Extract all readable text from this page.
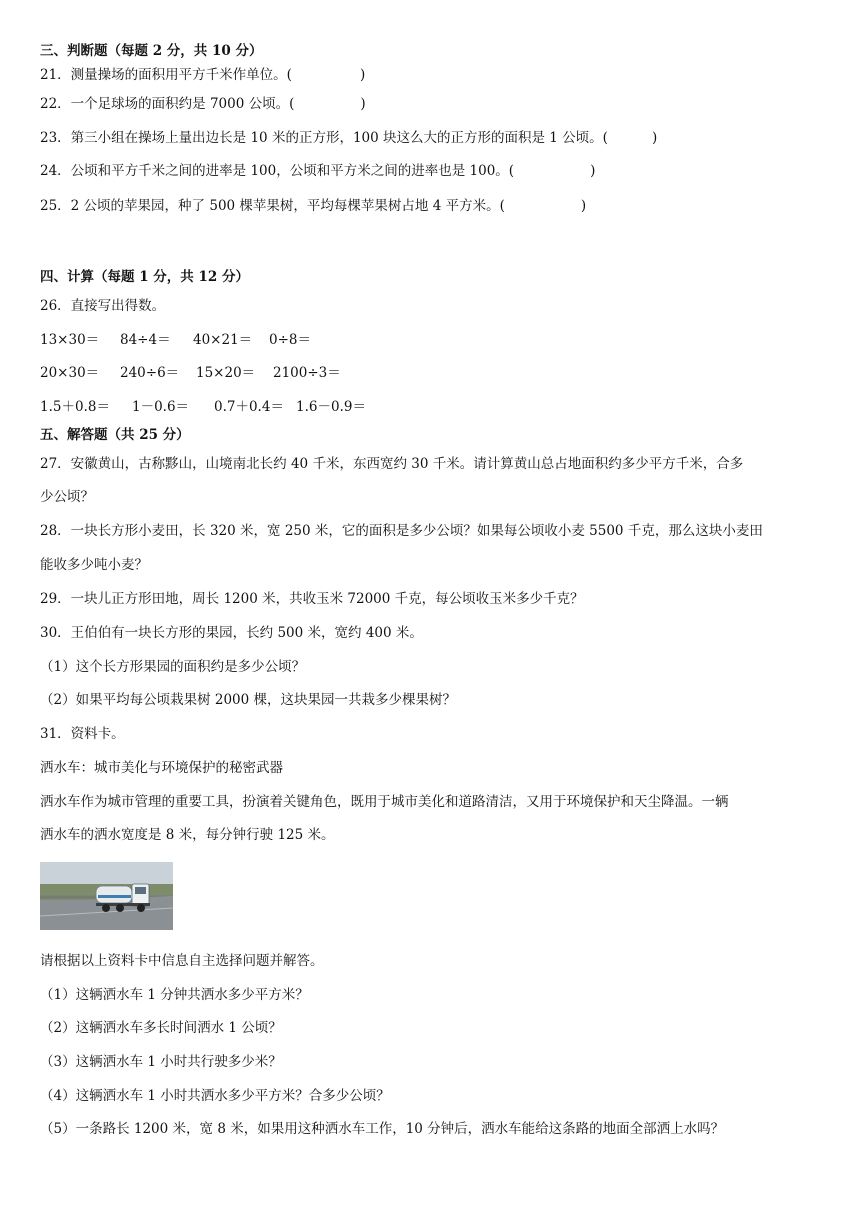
三、判断题（每题 2 分，共 10 分）
21．测量操场的面积用平方千米作单位。(	)
22．一个足球场的面积约是 7000 公顷。(	)
23．第三小组在操场上量出边长是 10 米的正方形，100 块这么大的正方形的面积是 1 公顷。(	)
24．公顷和平方千米之间的进率是 100，公顷和平方米之间的进率也是 100。(	)
25．2 公顷的苹果园，种了 500 棵苹果树，平均每棵苹果树占地 4 平方米。(	)
四、计算（每题 1 分，共 12 分）
26．直接写出得数。
13×30＝ 84÷4＝ 40×21＝ 0÷8＝
20×30＝ 240÷6＝ 15×20＝ 2100÷3＝
1.5＋0.8＝ 1－0.6＝ 0.7＋0.4＝ 1.6－0.9＝
五、解答题（共 25 分）
27．安徽黄山，古称黟山，山境南北长约 40 千米，东西宽约 30 千米。请计算黄山总占地面积约多少平方千米，合多
少公顷？
28．一块长方形小麦田，长 320 米，宽 250 米，它的面积是多少公顷？如果每公顷收小麦 5500 千克，那么这块小麦田
能收多少吨小麦？
29．一块儿正方形田地，周长 1200 米，共收玉米 72000 千克，每公顷收玉米多少千克？
30．王伯伯有一块长方形的果园，长约 500 米，宽约 400 米。
（1）这个长方形果园的面积约是多少公顷？
（2）如果平均每公顷栽果树 2000 棵，这块果园一共栽多少棵果树？
31．资料卡。
洒水车：城市美化与环境保护的秘密武器
洒水车作为城市管理的重要工具，扮演着关键角色，既用于城市美化和道路清洁，又用于环境保护和天尘降温。一辆
洒水车的洒水宽度是 8 米，每分钟行驶 125 米。
请根据以上资料卡中信息自主选择问题并解答。
（1）这辆洒水车 1 分钟共洒水多少平方米？
（2）这辆洒水车多长时间洒水 1 公顷？
（3）这辆洒水车 1 小时共行驶多少米？
（4）这辆洒水车 1 小时共洒水多少平方米？合多少公顷？
（5）一条路长 1200 米，宽 8 米，如果用这种洒水车工作，10 分钟后，洒水车能给这条路的地面全部洒上水吗？
